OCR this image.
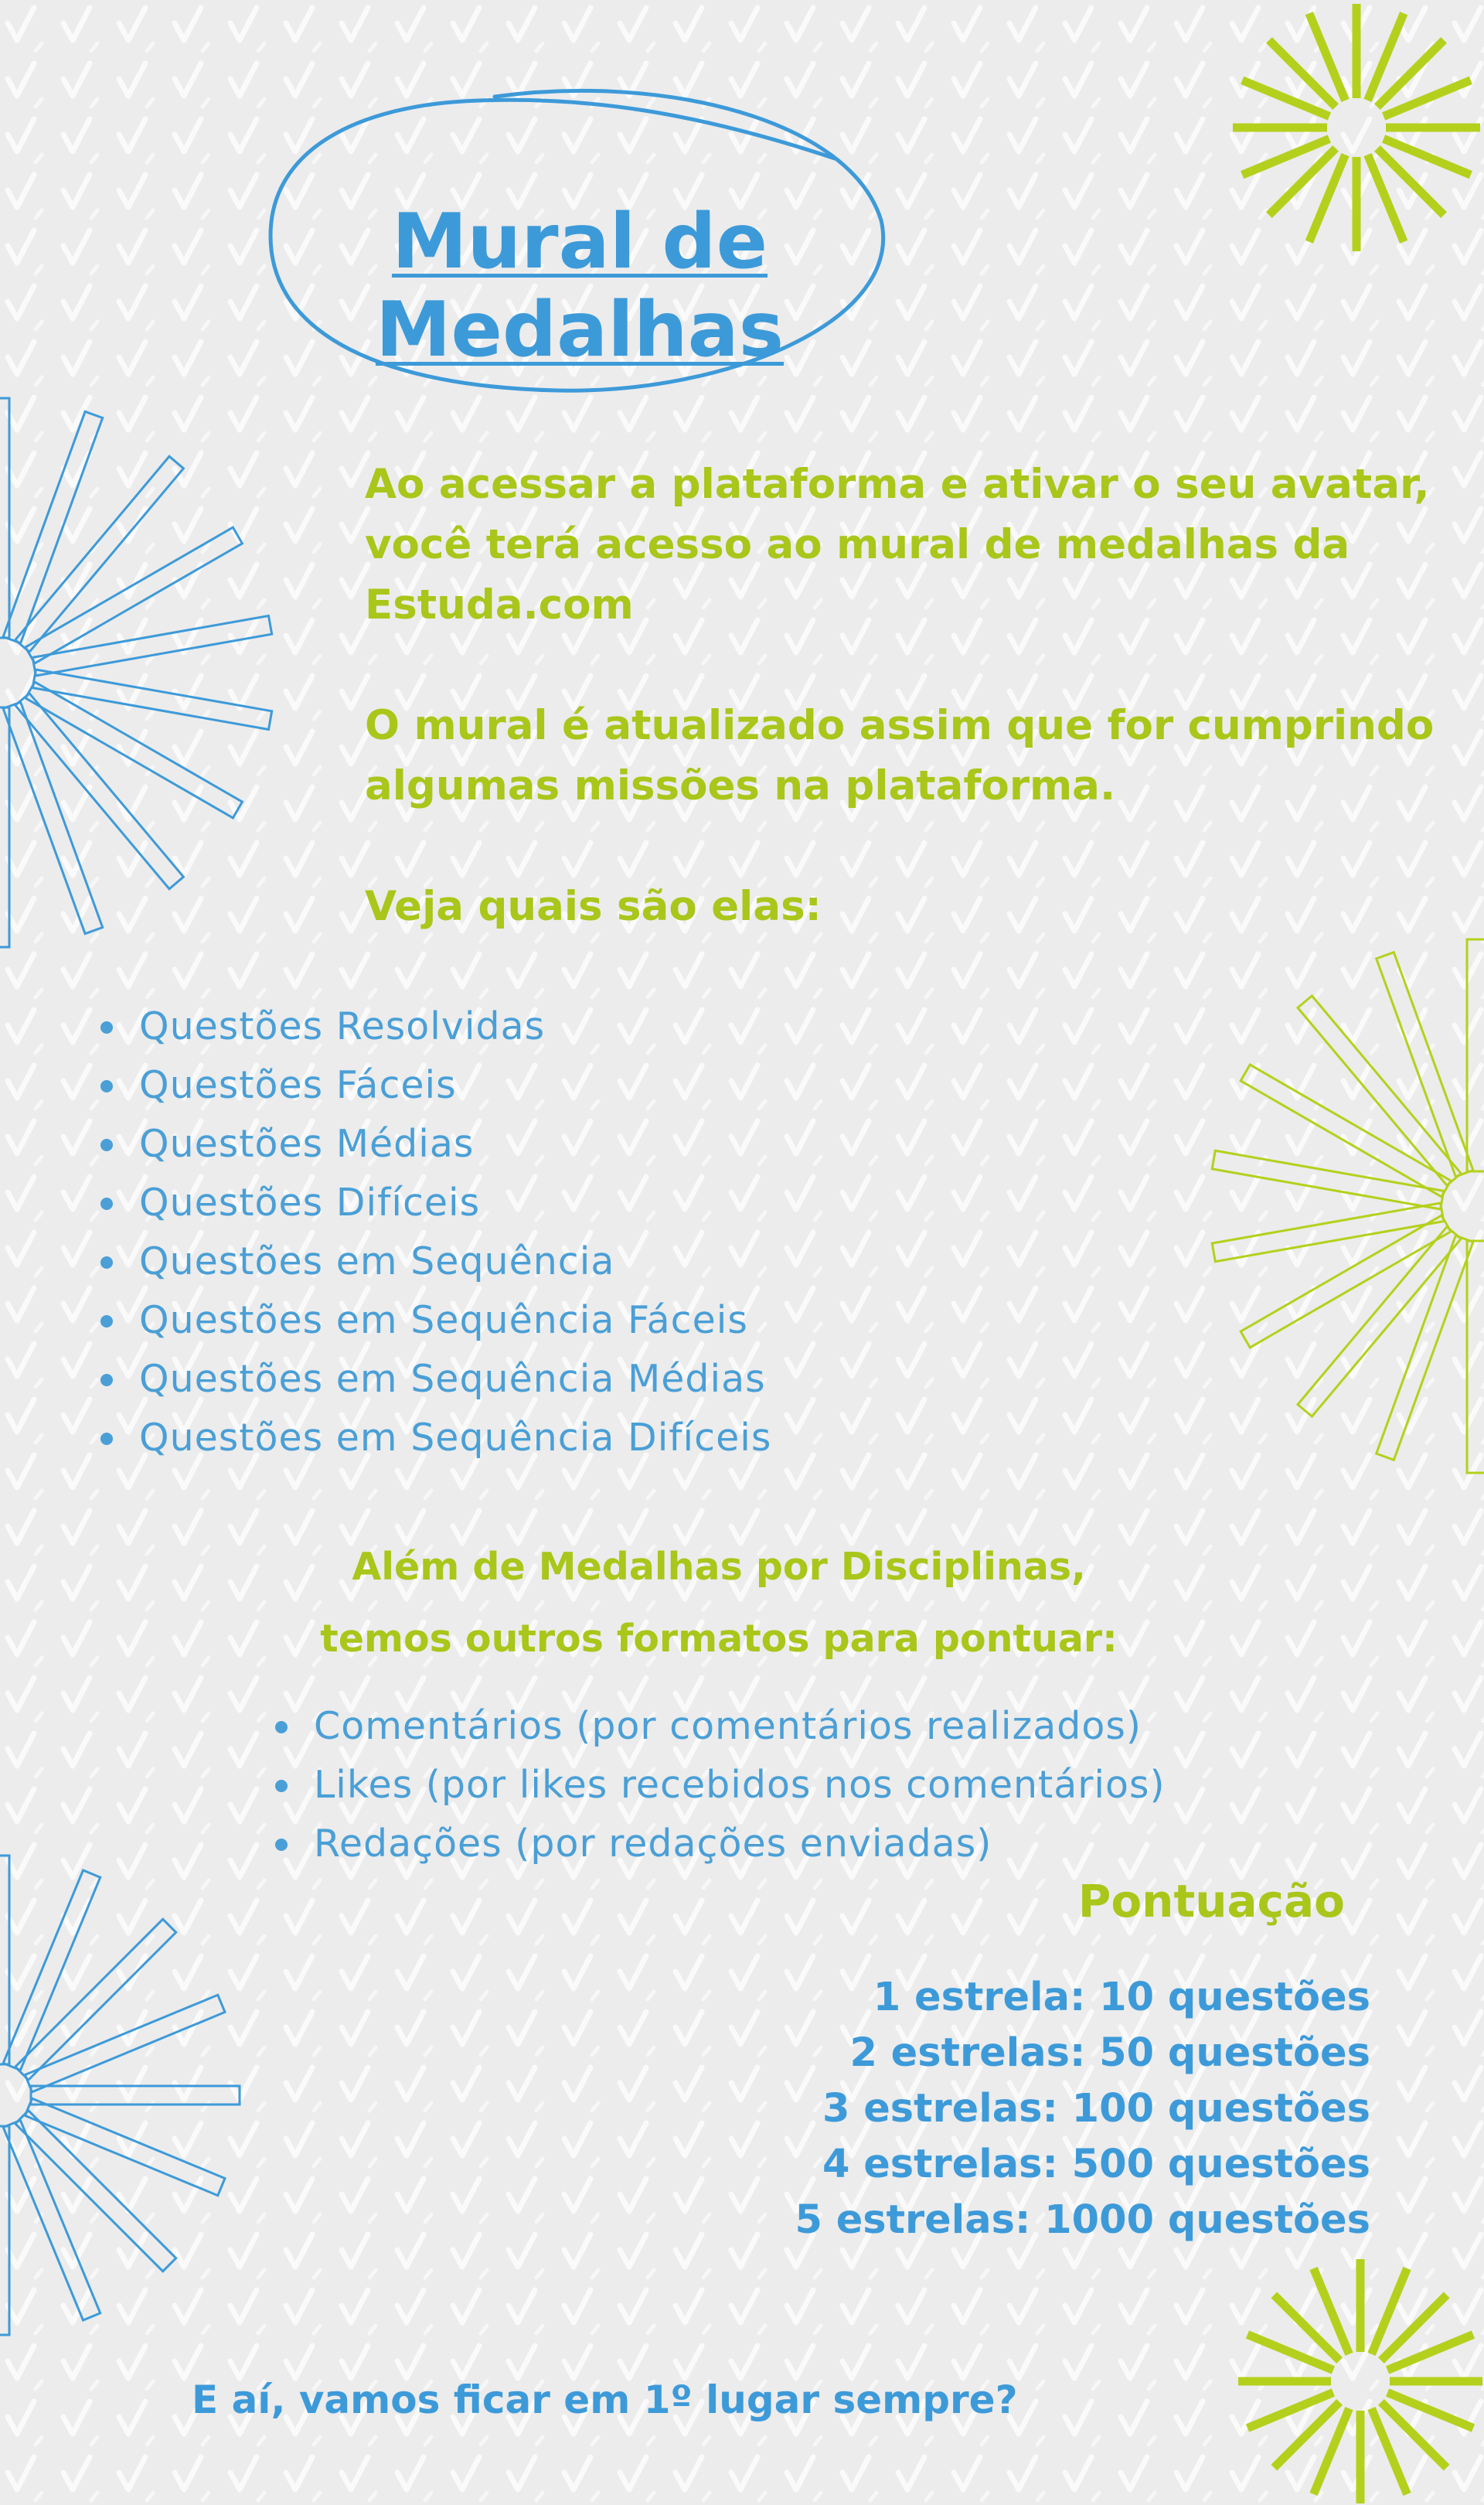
Mural de
Medalhas

Ao acessar a plataforma e ativar o seu avatar, você terá acesso ao mural de medalhas da Estuda.com

O mural é atualizado assim que for cumprindo algumas missões na plataforma.

Veja quais são elas:

Questões Resolvidas
Questões Fáceis
Questões Médias
Questões Difíceis
Questões em Sequência
Questões em Sequência Fáceis
Questões em Sequência Médias
Questões em Sequência Difíceis
Além de Medalhas por Disciplinas,
temos outros formatos para pontuar:
Comentários (por comentários realizados)
Likes (por likes recebidos nos comentários)
Redações (por redações enviadas)
Pontuação
1 estrela: 10 questões
2 estrelas: 50 questões
3 estrelas: 100 questões
4 estrelas: 500 questões
5 estrelas: 1000 questões
E aí, vamos ficar em 1º lugar sempre?
